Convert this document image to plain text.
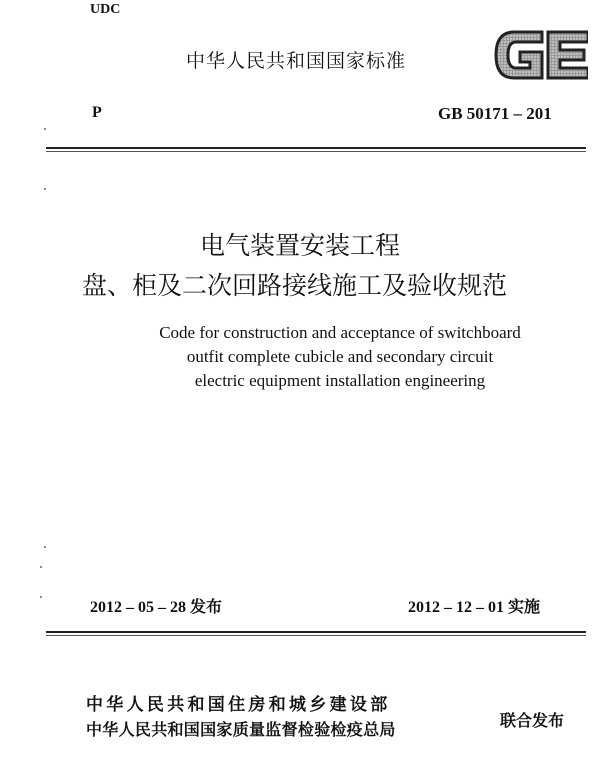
UDC
中华人民共和国国家标准
P	GB 50171 – 201
电气装置安装工程
盘、柜及二次回路接线施工及验收规范
Code for construction and acceptance of switchboard
outfit complete cubicle and secondary circuit
electric equipment installation engineering
2012 – 05 – 28 发布	2012 – 12 – 01 实施
中华人民共和国住房和城乡建设部
中华人民共和国国家质量监督检验检疫总局	联合发布
